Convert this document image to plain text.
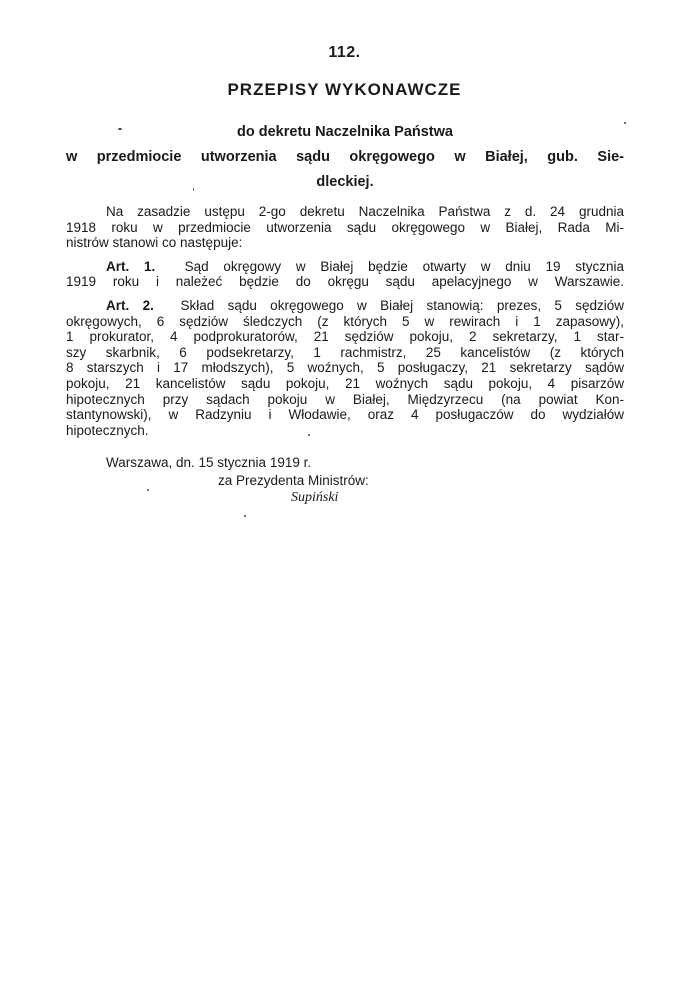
112.
PRZEPISY WYKONAWCZE
do dekretu Naczelnika Państwa
w przedmiocie utworzenia sądu okręgowego w Białej, gub. Sie-
dleckiej.
Na zasadzie ustępu 2-go dekretu Naczelnika Państwa z d. 24 grudnia
1918 roku w przedmiocie utworzenia sądu okręgowego w Białej, Rada Mi-
nistrów stanowi co następuje:
Art. 1. Sąd okręgowy w Białej będzie otwarty w dniu 19 stycznia
1919 roku i należeć będzie do okręgu sądu apelacyjnego w Warszawie.
Art. 2. Skład sądu okręgowego w Białej stanowią: prezes, 5 sędziów
okręgowych, 6 sędziów śledczych (z których 5 w rewirach i 1 zapasowy),
1 prokurator, 4 podprokuratorów, 21 sędziów pokoju, 2 sekretarzy, 1 star-
szy skarbnik, 6 podsekretarzy, 1 rachmistrz, 25 kancelistów (z których
8 starszych i 17 młodszych), 5 woźnych, 5 posługaczy, 21 sekretarzy sądów
pokoju, 21 kancelistów sądu pokoju, 21 woźnych sądu pokoju, 4 pisarzów
hipotecznych przy sądach pokoju w Białej, Międzyrzecu (na powiat Kon-
stantynowski), w Radzyniu i Włodawie, oraz 4 posługaczów do wydziałów
hipotecznych.
Warszawa, dn. 15 stycznia 1919 r.
za Prezydenta Ministrów:
Supiński
